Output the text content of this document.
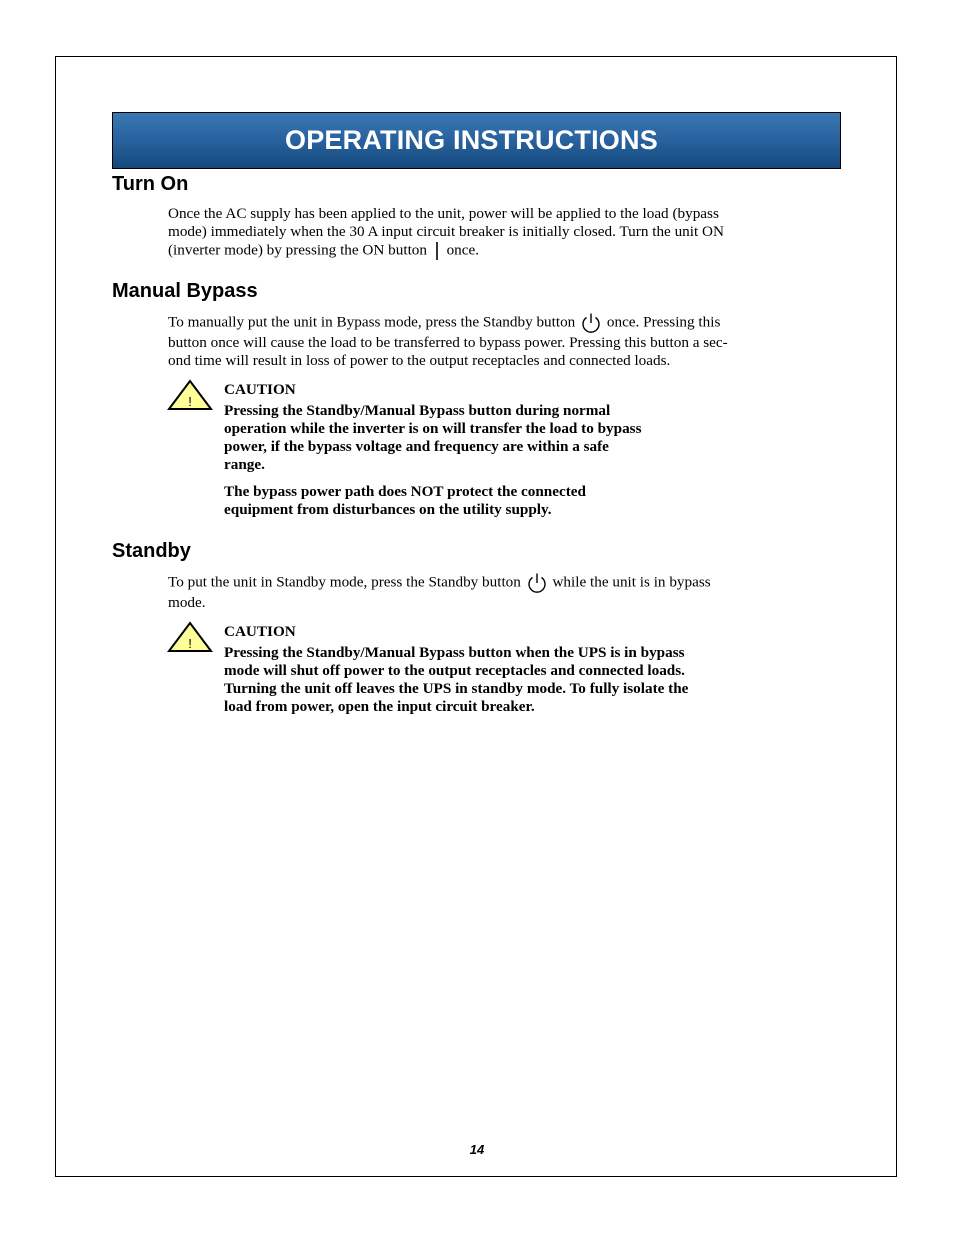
OPERATING INSTRUCTIONS
Turn On
Once the AC supply has been applied to the unit, power will be applied to the load (bypass
mode) immediately when the 30 A input circuit breaker is initially closed. Turn the unit ON
(inverter mode) by pressing the ON button once.
Manual Bypass
To manually put the unit in Bypass mode, press the Standby button once. Pressing this
button once will cause the load to be transferred to bypass power. Pressing this button a sec-
ond time will result in loss of power to the output receptacles and connected loads.
!
CAUTION
Pressing the Standby/Manual Bypass button during normal
operation while the inverter is on will transfer the load to bypass
power, if the bypass voltage and frequency are within a safe
range.
The bypass power path does NOT protect the connected
equipment from disturbances on the utility supply.
Standby
To put the unit in Standby mode, press the Standby button while the unit is in bypass
mode.
!
CAUTION
Pressing the Standby/Manual Bypass button when the UPS is in bypass
mode will shut off power to the output receptacles and connected loads.
Turning the unit off leaves the UPS in standby mode. To fully isolate the
load from power, open the input circuit breaker.
14
